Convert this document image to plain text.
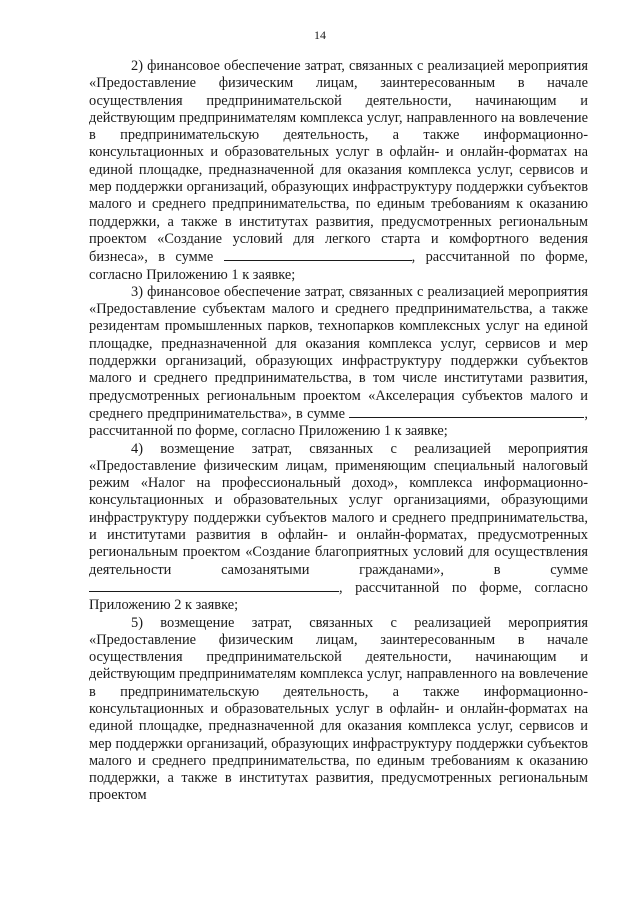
14

2) финансовое обеспечение затрат, связанных с реализацией мероприятия «Предоставление физическим лицам, заинтересованным в начале осуществления предпринимательской деятельности, начинающим и действующим предпринимателям комплекса услуг, направленного на вовлечение в предпринимательскую деятельность, а также информационно-консультационных и образовательных услуг в офлайн- и онлайн-форматах на единой площадке, предназначенной для оказания комплекса услуг, сервисов и мер поддержки организаций, образующих инфраструктуру поддержки субъектов малого и среднего предпринимательства, по единым требованиям к оказанию поддержки, а также в институтах развития, предусмотренных региональным проектом «Создание условий для легкого старта и комфортного ведения бизнеса», в сумме	, рассчитанной по форме, согласно Приложению 1 к заявке;

3) финансовое обеспечение затрат, связанных с реализацией мероприятия «Предоставление субъектам малого и среднего предпринимательства, а также резидентам промышленных парков, технопарков комплексных услуг на единой площадке, предназначенной для оказания комплекса услуг, сервисов и мер поддержки организаций, образующих инфраструктуру поддержки субъектов малого и среднего предпринимательства, в том числе институтами развития, предусмотренных региональным проектом «Акселерация субъектов малого и среднего предпринимательства», в сумме	, рассчитанной по форме, согласно Приложению 1 к заявке;

4) возмещение затрат, связанных с реализацией мероприятия «Предоставление физическим лицам, применяющим специальный налоговый режим «Налог на профессиональный доход», комплекса информационно-консультационных и образовательных услуг организациями, образующими инфраструктуру поддержки субъектов малого и среднего предпринимательства, и институтами развития в офлайн- и онлайн-форматах, предусмотренных региональным проектом «Создание благоприятных условий для осуществления деятельности самозанятыми гражданами», в сумме , рассчитанной по форме, согласно Приложению 2 к заявке;

5) возмещение затрат, связанных с реализацией мероприятия «Предоставление физическим лицам, заинтересованным в начале осуществления предпринимательской деятельности, начинающим и действующим предпринимателям комплекса услуг, направленного на вовлечение в предпринимательскую деятельность, а также информационно-консультационных и образовательных услуг в офлайн- и онлайн-форматах на единой площадке, предназначенной для оказания комплекса услуг, сервисов и мер поддержки организаций, образующих инфраструктуру поддержки субъектов малого и среднего предпринимательства, по единым требованиям к оказанию поддержки, а также в институтах развития, предусмотренных региональным проектом
